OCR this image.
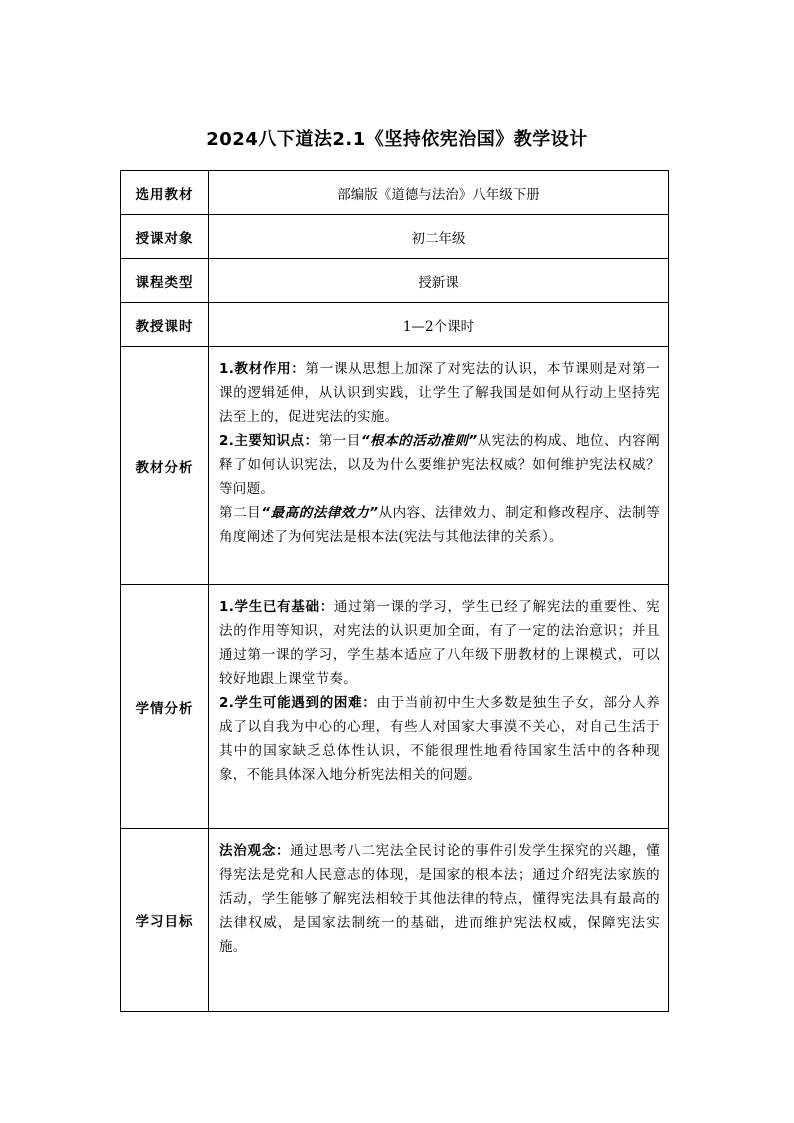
2024八下道法2.1《坚持依宪治国》教学设计
选用教材	部编版《道德与法治》八年级下册
授课对象	初二年级
课程类型	授新课
教授课时	1—2个课时
教材分析	1.教材作用：第一课从思想上加深了对宪法的认识，本节课则是对第一课的逻辑延伸，从认识到实践，让学生了解我国是如何从行动上坚持宪法至上的，促进宪法的实施。

2.主要知识点：第一目“根本的活动准则”从宪法的构成、地位、内容阐释了如何认识宪法，以及为什么要维护宪法权威？如何维护宪法权威？等问题。

第二目“最高的法律效力”从内容、法律效力、制定和修改程序、法制等角度阐述了为何宪法是根本法(宪法与其他法律的关系）。

学情分析	1.学生已有基础：通过第一课的学习，学生已经了解宪法的重要性、宪法的作用等知识，对宪法的认识更加全面，有了一定的法治意识；并且通过第一课的学习，学生基本适应了八年级下册教材的上课模式，可以较好地跟上课堂节奏。

2.学生可能遇到的困难：由于当前初中生大多数是独生子女，部分人养成了以自我为中心的心理，有些人对国家大事漠不关心，对自己生活于其中的国家缺乏总体性认识，不能很理性地看待国家生活中的各种现象，不能具体深入地分析宪法相关的问题。

学习目标	法治观念：通过思考八二宪法全民讨论的事件引发学生探究的兴趣，懂得宪法是党和人民意志的体现，是国家的根本法；通过介绍宪法家族的活动，学生能够了解宪法相较于其他法律的特点，懂得宪法具有最高的法律权威，是国家法制统一的基础，进而维护宪法权威，保障宪法实施。
